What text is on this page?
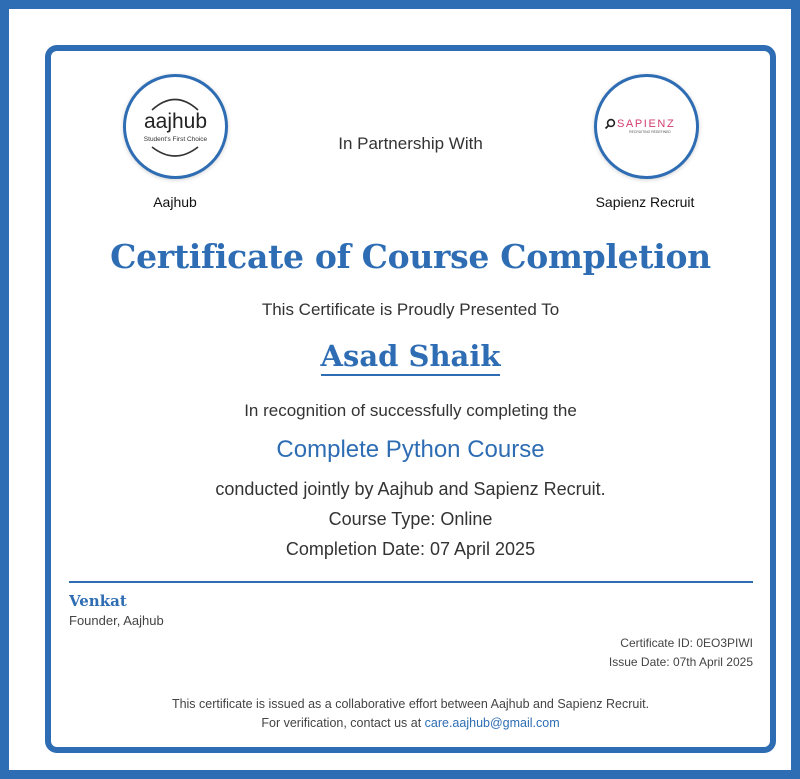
aajhub
Student's First Choice
Aajhub
SAPIENZ
RECRUITING REDEFINED
Sapienz Recruit
In Partnership With
Certificate of Course Completion
This Certificate is Proudly Presented To
Asad Shaik
In recognition of successfully completing the
Complete Python Course
conducted jointly by Aajhub and Sapienz Recruit.
Course Type: Online
Completion Date: 07 April 2025
Venkat
Founder, Aajhub
Certificate ID: 0EO3PIWI
Issue Date: 07th April 2025
This certificate is issued as a collaborative effort between Aajhub and Sapienz Recruit.
For verification, contact us at care.aajhub@gmail.com
